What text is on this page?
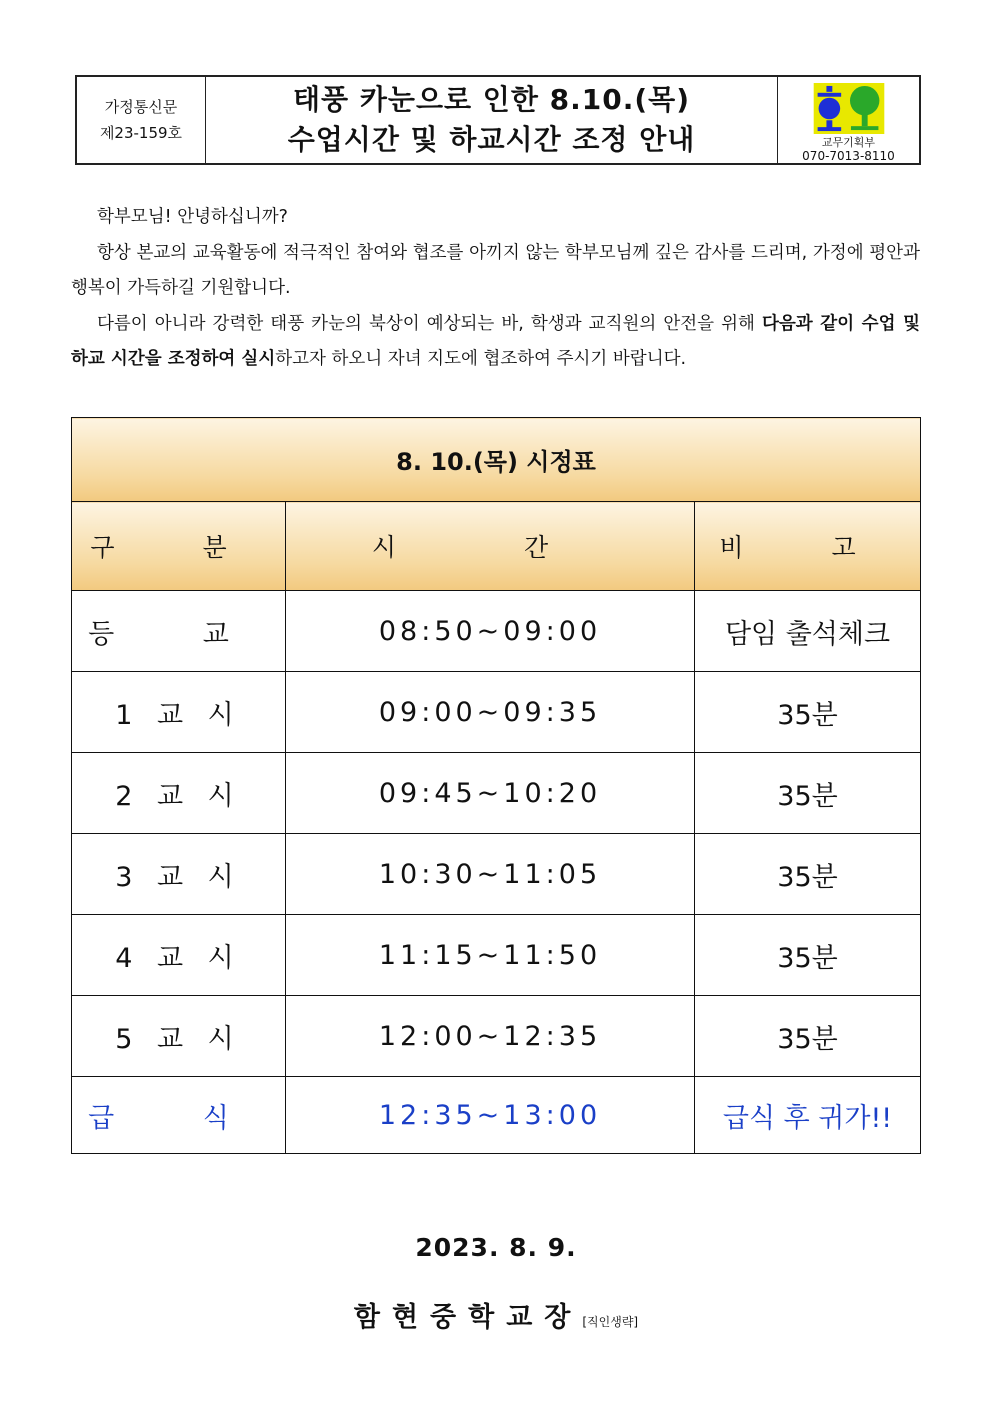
가정통신문
제23-159호
태풍 카눈으로 인한 8.10.(목)
수업시간 및 하교시간 조정 안내	교무기획부
070-7013-8110

학부모님! 안녕하십니까?

항상 본교의 교육활동에 적극적인 참여와 협조를 아끼지 않는 학부모님께 깊은 감사를 드리며, 가정에 평안과 행복이 가득하길 기원합니다.

다름이 아니라 강력한 태풍 카눈의 북상이 예상되는 바, 학생과 교직원의 안전을 위해 다음과 같이 수업 및 하교 시간을 조정하여 실시하고자 하오니 자녀 지도에 협조하여 주시기 바랍니다.

8. 10.(목) 시정표		
구 분	시 간	비 고
등 교	08:50~09:00	담임 출석체크
1 교 시	09:00~09:35	35분
2 교 시	09:45~10:20	35분
3 교 시	10:30~11:05	35분
4 교 시	11:15~11:50	35분
5 교 시	12:00~12:35	35분
급 식	12:35~13:00	급식 후 귀가!!
2023. 8. 9.
함현중학교장[직인생략]
